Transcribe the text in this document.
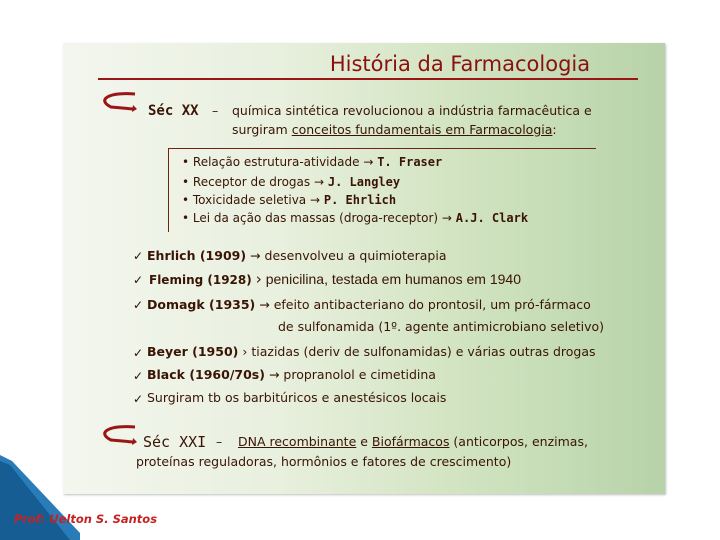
História da Farmacologia
Séc XX – química sintética revolucionou a indústria farmacêutica e
surgiram conceitos fundamentais em Farmacologia:
• Relação estrutura-atividade → T. Fraser
• Receptor de drogas → J. Langley
• Toxicidade seletiva → P. Ehrlich
• Lei da ação das massas (droga-receptor) → A.J. Clark
✓ Ehrlich (1909) → desenvolveu a quimioterapia
✓ Fleming (1928) › penicilina, testada em humanos em 1940
✓ Domagk (1935) → efeito antibacteriano do prontosil, um pró-fármaco
de sulfonamida (1º. agente antimicrobiano seletivo)
✓ Beyer (1950) › tiazidas (deriv de sulfonamidas) e várias outras drogas
✓ Black (1960/70s) → propranolol e cimetidina
✓ Surgiram tb os barbitúricos e anestésicos locais
Séc XXI – DNA recombinante e Biofármacos (anticorpos, enzimas,
proteínas reguladoras, hormônios e fatores de crescimento)
Prof: Uelton S. Santos
